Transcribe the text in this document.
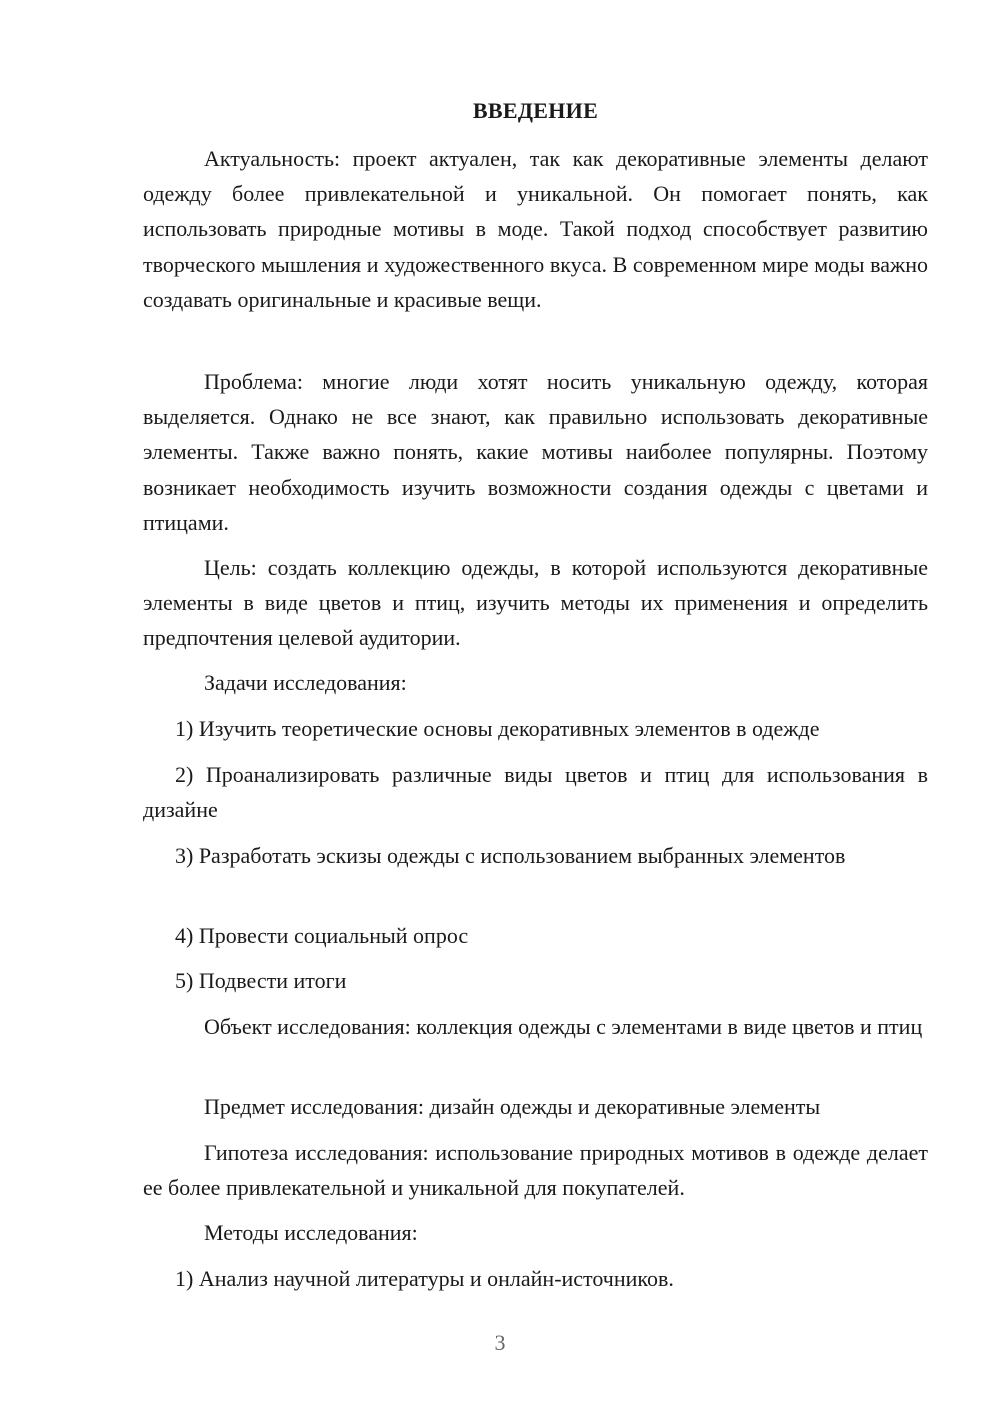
ВВЕДЕНИЕ

Актуальность: проект актуален, так как декоративные элементы делают одежду более привлекательной и уникальной. Он помогает понять, как использовать природные мотивы в моде. Такой подход способствует развитию творческого мышления и художественного вкуса. В современном мире моды важно создавать оригинальные и красивые вещи.

Проблема: многие люди хотят носить уникальную одежду, которая выделяется. Однако не все знают, как правильно использовать декоративные элементы. Также важно понять, какие мотивы наиболее популярны. Поэтому возникает необходимость изучить возможности создания одежды с цветами и птицами.

Цель: создать коллекцию одежды, в которой используются декоративные элементы в виде цветов и птиц, изучить методы их применения и определить предпочтения целевой аудитории.

Задачи исследования:

1) Изучить теоретические основы декоративных элементов в одежде

2) Проанализировать различные виды цветов и птиц для использования в дизайне

3) Разработать эскизы одежды с использованием выбранных элементов

4) Провести социальный опрос

5) Подвести итоги

Объект исследования: коллекция одежды с элементами в виде цветов и птиц

Предмет исследования: дизайн одежды и декоративные элементы

Гипотеза исследования: использование природных мотивов в одежде делает ее более привлекательной и уникальной для покупателей.

Методы исследования:

1) Анализ научной литературы и онлайн-источников.

3
